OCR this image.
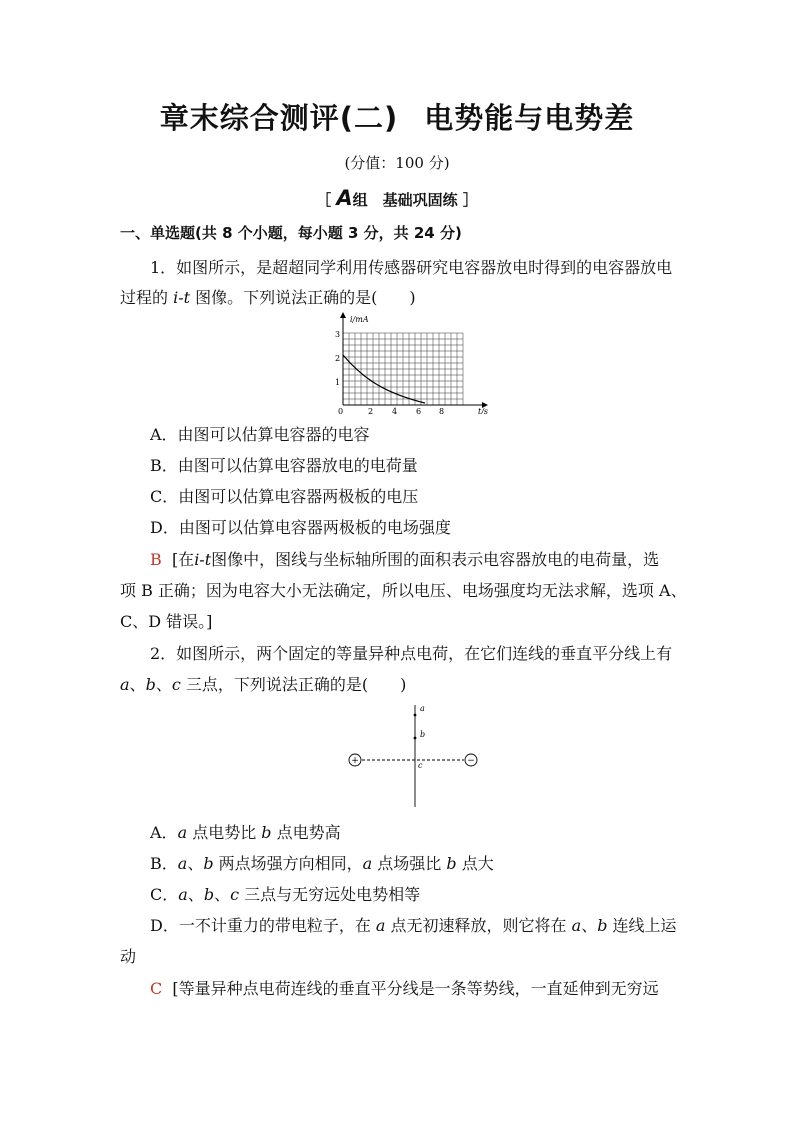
章末综合测评(二) 电势能与电势差
(分值：100 分)
［ A组　基础巩固练 ］
一、单选题(共 8 个小题，每小题 3 分，共 24 分)
1．如图所示，是超超同学利用传感器研究电容器放电时得到的电容器放电
过程的 i-t 图像。下列说法正确的是(　　)
i/mA
t/s
0	2 4 6 8
1
2
3
A．由图可以估算电容器的电容
B．由图可以估算电容器放电的电荷量
C．由图可以估算电容器两极板的电压
D．由图可以估算电容器两极板的电场强度
B [在i-t图像中，图线与坐标轴所围的面积表示电容器放电的电荷量，选
项 B 正确；因为电容大小无法确定，所以电压、电场强度均无法求解，选项 A、
C、D 错误。]
2．如图所示，两个固定的等量异种点电荷，在它们连线的垂直平分线上有
a、b、c 三点，下列说法正确的是(　　)
+	−
a
b
c
A．a 点电势比 b 点电势高
B．a、b 两点场强方向相同，a 点场强比 b 点大
C．a、b、c 三点与无穷远处电势相等
D．一不计重力的带电粒子，在 a 点无初速释放，则它将在 a、b 连线上运
动
C [等量异种点电荷连线的垂直平分线是一条等势线，一直延伸到无穷远
